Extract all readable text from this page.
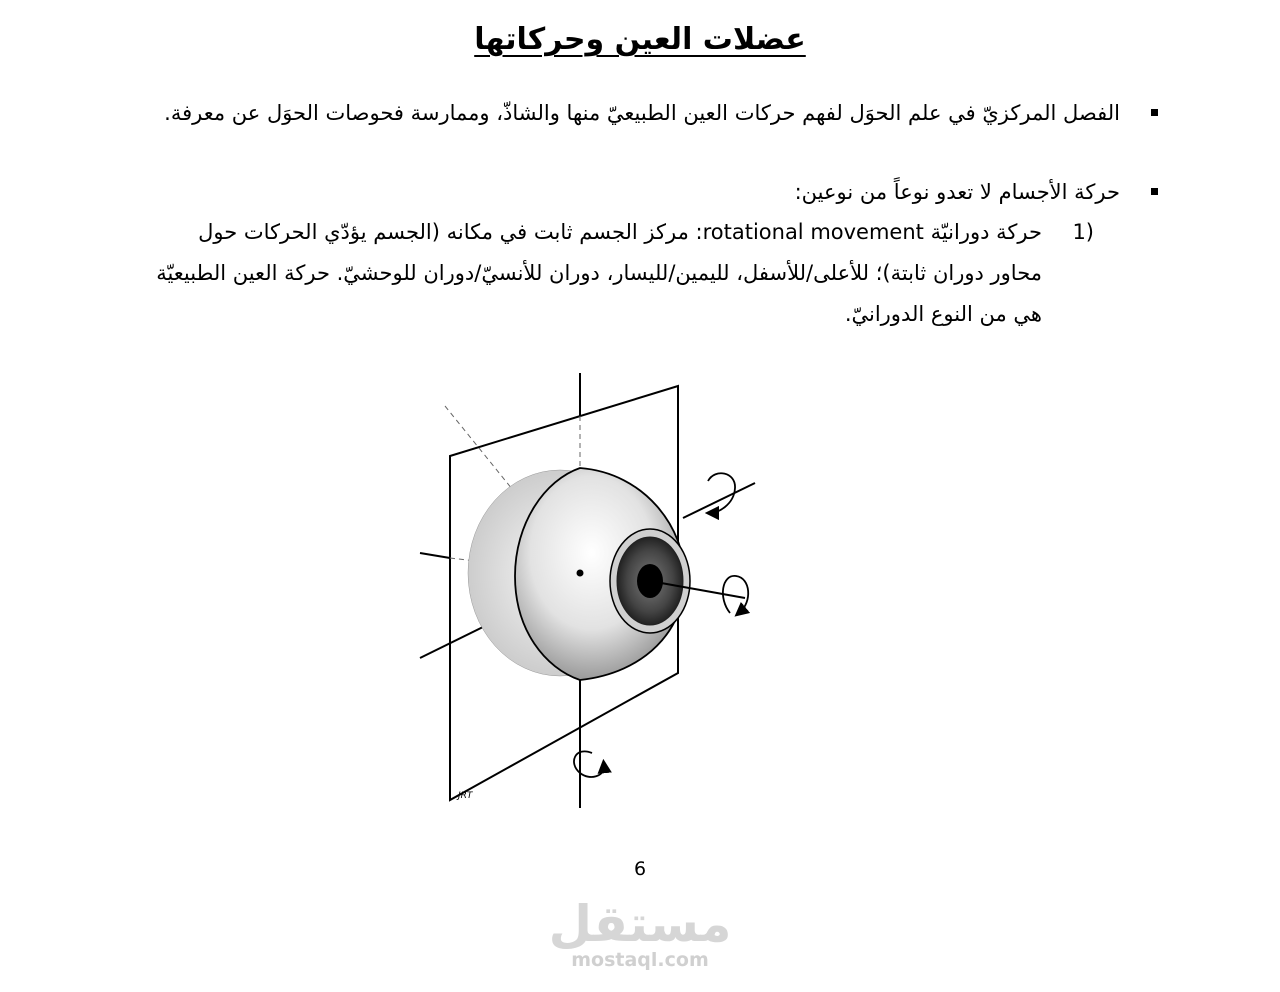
عضلات العين وحركاتها
الفصل المركزيّ في علم الحوَل لفهم حركات العين الطبيعيّ منها والشاذّ، وممارسة فحوصات الحوَل عن معرفة.
حركة الأجسام لا تعدو نوعاً من نوعين:
1)
حركة دورانيّة rotational movement: مركز الجسم ثابت في مكانه (الجسم يؤدّي الحركات حول محاور دوران ثابتة)؛ للأعلى/للأسفل، لليمين/لليسار، دوران للأنسيّ/دوران للوحشيّ. حركة العين الطبيعيّة هي من النوع الدورانيّ.
JRT
6
مستقل
mostaql.com
